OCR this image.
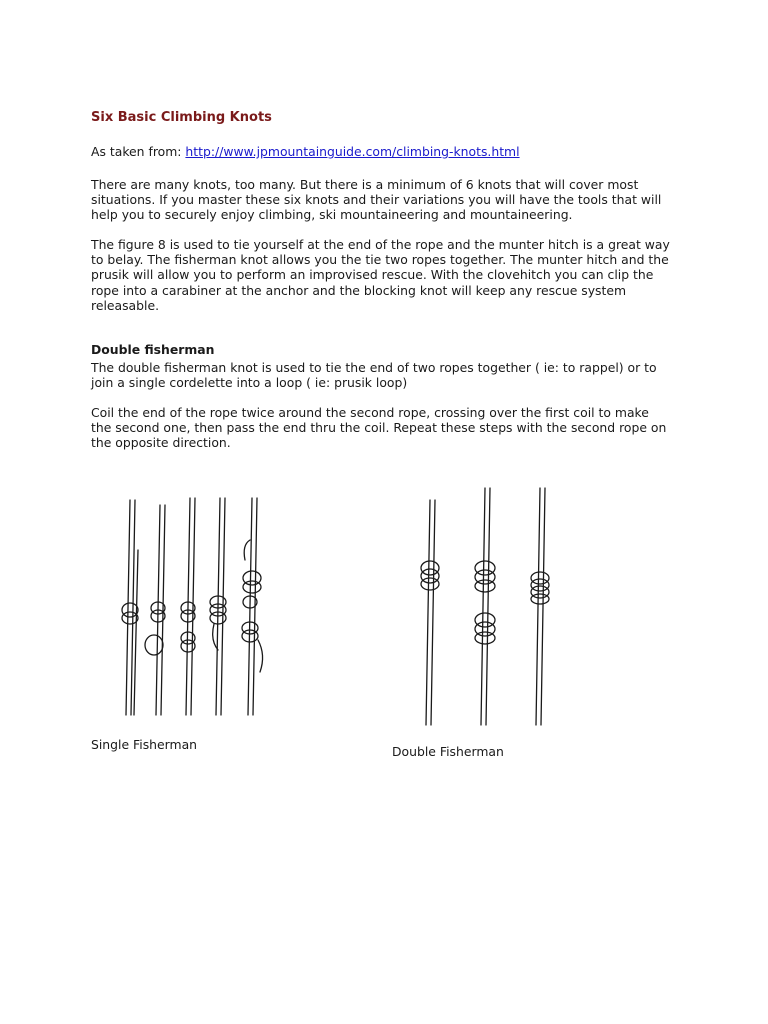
Six Basic Climbing Knots

As taken from: http://www.jpmountainguide.com/climbing-knots.html

There are many knots, too many. But there is a minimum of 6 knots that will cover most
situations. If you master these six knots and their variations you will have the tools that will
help you to securely enjoy climbing, ski mountaineering and mountaineering.

The figure 8 is used to tie yourself at the end of the rope and the munter hitch is a great way
to belay. The fisherman knot allows you the tie two ropes together. The munter hitch and the
prusik will allow you to perform an improvised rescue. With the clovehitch you can clip the
rope into a carabiner at the anchor and the blocking knot will keep any rescue system
releasable.

Double fisherman

The double fisherman knot is used to tie the end of two ropes together ( ie: to rappel) or to
join a single cordelette into a loop ( ie: prusik loop)

Coil the end of the rope twice around the second rope, crossing over the first coil to make
the second one, then pass the end thru the coil. Repeat these steps with the second rope on
the opposite direction.

Single Fisherman	Double Fisherman
